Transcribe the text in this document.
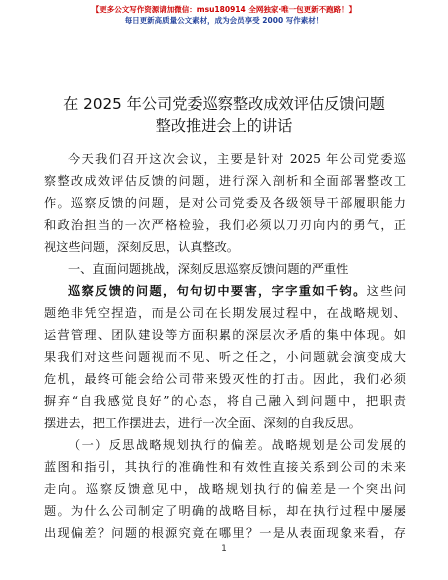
【更多公文写作资源请加微信：msu180914 全网独家·唯一包更新不跑路！】
每日更新高质量公文素材，成为会员享受 2000 写作素材！
在 2025 年公司党委巡察整改成效评估反馈问题
整改推进会上的讲话
今天我们召开这次会议，主要是针对 2025 年公司党委巡
察整改成效评估反馈的问题，进行深入剖析和全面部署整改工
作。巡察反馈的问题，是对公司党委及各级领导干部履职能力
和政治担当的一次严格检验，我们必须以刀刃向内的勇气，正
视这些问题，深刻反思，认真整改。
一、直面问题挑战，深刻反思巡察反馈问题的严重性
巡察反馈的问题，句句切中要害，字字重如千钧。这些问
题绝非凭空捏造，而是公司在长期发展过程中，在战略规划、
运营管理、团队建设等方面积累的深层次矛盾的集中体现。如
果我们对这些问题视而不见、听之任之，小问题就会演变成大
危机，最终可能会给公司带来毁灭性的打击。因此，我们必须
摒弃“自我感觉良好”的心态，将自己融入到问题中，把职责
摆进去，把工作摆进去，进行一次全面、深刻的自我反思。
（一）反思战略规划执行的偏差。战略规划是公司发展的
蓝图和指引，其执行的准确性和有效性直接关系到公司的未来
走向。巡察反馈意见中，战略规划执行的偏差是一个突出问
题。为什么公司制定了明确的战略目标，却在执行过程中屡屡
出现偏差？问题的根源究竟在哪里？一是从表面现象来看，存
1
